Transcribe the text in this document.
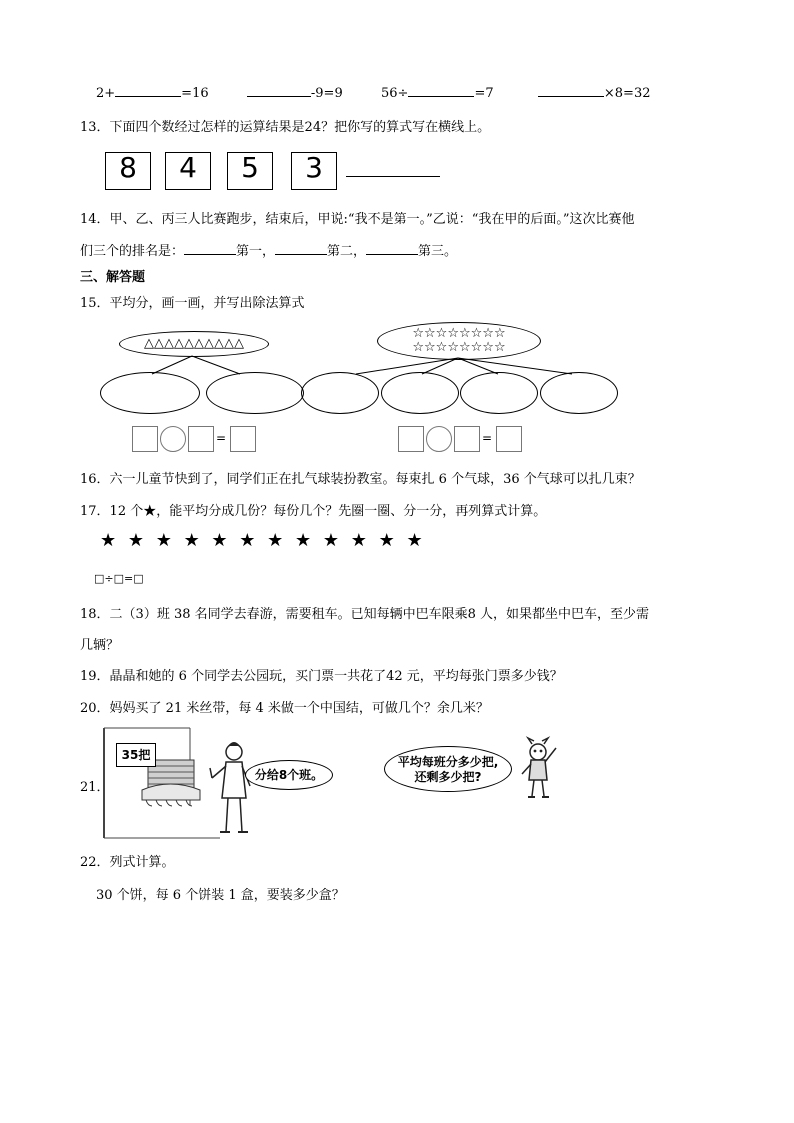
2+	=16	-9=9	56÷	=7	×8=32
13．下面四个数经过怎样的运算结果是24？把你写的算式写在横线上。
8	4	5	3
14．甲、乙、丙三人比赛跑步，结束后，甲说:“我不是第一。”乙说：“我在甲的后面。”这次比赛他
们三个的排名是：	第一，	第二，	第三。
三、解答题
15．平均分，画一画，并写出除法算式
△△△△△△△△△△
☆☆☆☆☆☆☆☆
☆☆☆☆☆☆☆☆
=	=
16．六一儿童节快到了，同学们正在扎气球装扮教室。每束扎 6 个气球，36 个气球可以扎几束？
17．12 个★，能平均分成几份？每份几个？先圈一圈、分一分，再列算式计算。
★ ★ ★ ★ ★ ★ ★ ★ ★ ★ ★ ★
□÷□=□
18．二（3）班 38 名同学去春游，需要租车。已知每辆中巴车限乘8 人，如果都坐中巴车，至少需
几辆？
19．晶晶和她的 6 个同学去公园玩，买门票一共花了42 元，平均每张门票多少钱？
20．妈妈买了 21 米丝带，每 4 米做一个中国结，可做几个？余几米？
21．
35把
分给8个班。
平均每班分多少把,
还剩多少把?
22．列式计算。
30 个饼，每 6 个饼装 1 盒，要装多少盒？
